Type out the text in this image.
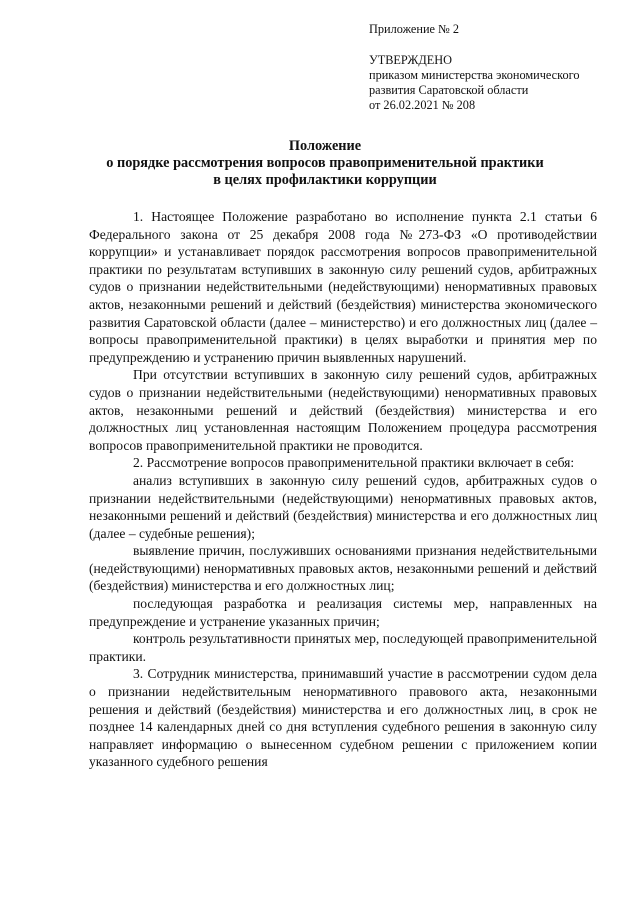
Приложение № 2
УТВЕРЖДЕНО
приказом министерства экономического
развития Саратовской области
от 26.02.2021 № 208
Положение
о порядке рассмотрения вопросов правоприменительной практики
в целях профилактики коррупции

1. Настоящее Положение разработано во исполнение пункта 2.1 статьи 6 Федерального закона от 25 декабря 2008 года №273-ФЗ «О противодействии коррупции» и устанавливает порядок рассмотрения вопросов правоприменительной практики по результатам вступивших в законную силу решений судов, арбитражных судов о признании недействительными (недействующими) ненормативных правовых актов, незаконными решений и действий (бездействия) министерства экономического развития Саратовской области (далее – министерство) и его должностных лиц (далее – вопросы правоприменительной практики) в целях выработки и принятия мер по предупреждению и устранению причин выявленных нарушений.

При отсутствии вступивших в законную силу решений судов, арбитражных судов о признании недействительными (недействующими) ненормативных правовых актов, незаконными решений и действий (бездействия) министерства и его должностных лиц установленная настоящим Положением процедура рассмотрения вопросов правоприменительной практики не проводится.

2. Рассмотрение вопросов правоприменительной практики включает в себя:

анализ вступивших в законную силу решений судов, арбитражных судов о признании недействительными (недействующими) ненормативных правовых актов, незаконными решений и действий (бездействия) министерства и его должностных лиц (далее – судебные решения);

выявление причин, послуживших основаниями признания недействительными (недействующими) ненормативных правовых актов, незаконными решений и действий (бездействия) министерства и его должностных лиц;

последующая разработка и реализация системы мер, направленных на предупреждение и устранение указанных причин;

контроль результативности принятых мер, последующей правоприменительной практики.

3. Сотрудник министерства, принимавший участие в рассмотрении судом дела о признании недействительным ненормативного правового акта, незаконными решения и действий (бездействия) министерства и его должностных лиц, в срок не позднее 14 календарных дней со дня вступления судебного решения в законную силу направляет информацию о вынесенном судебном решении с приложением копии указанного судебного решения
